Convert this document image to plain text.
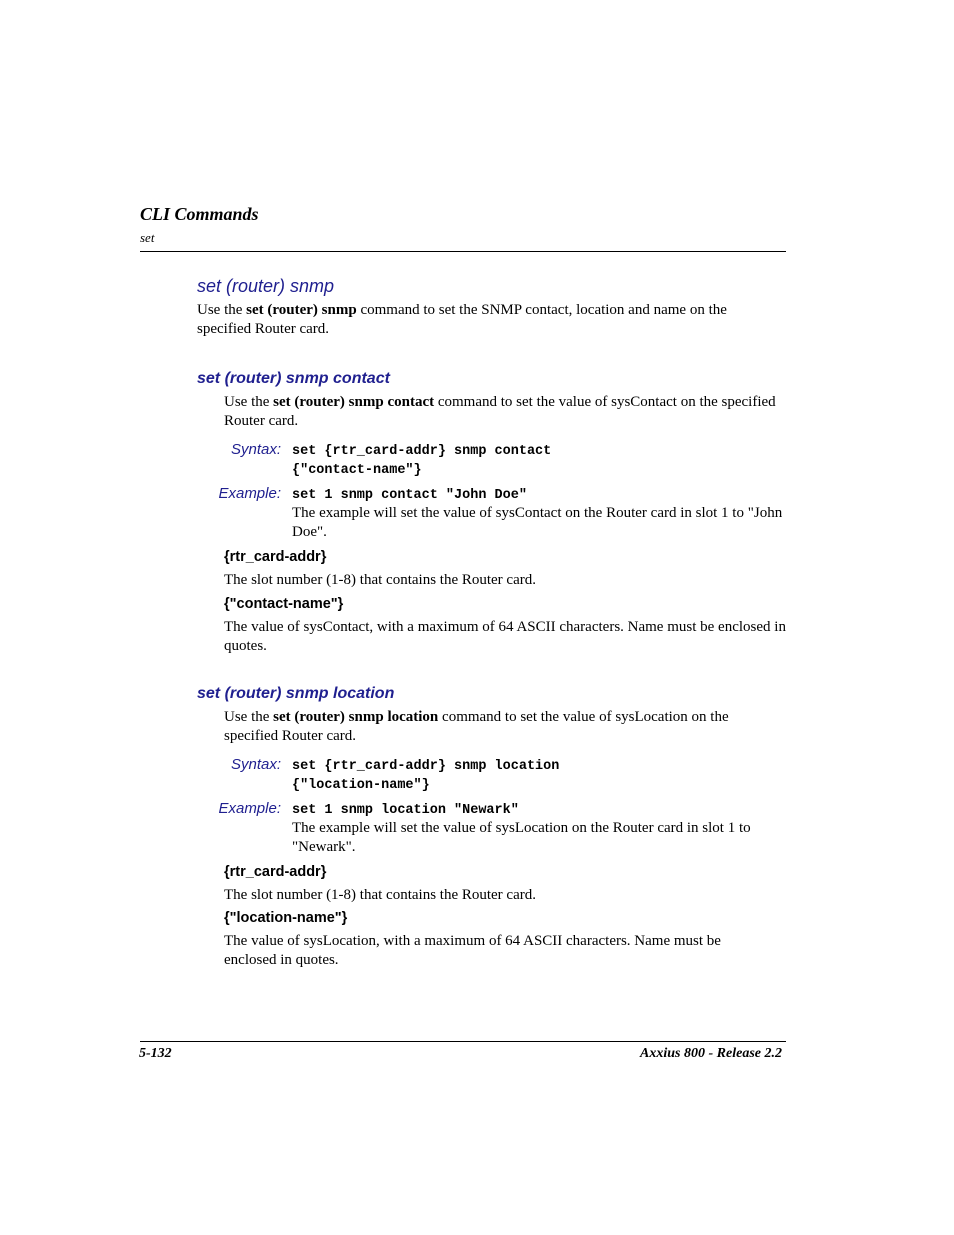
CLI Commands
set
set (router) snmp
Use the set (router) snmp command to set the SNMP contact, location and name on the specified Router card.
set (router) snmp contact
Use the set (router) snmp contact command to set the value of sysContact on the specified Router card.
Syntax: set {rtr_card-addr} snmp contact
{"contact-name"}
Example: set 1 snmp contact "John Doe"
The example will set the value of sysContact on the Router card in slot 1 to "John Doe".
{rtr_card-addr}
The slot number (1-8) that contains the Router card.
{"contact-name"}
The value of sysContact, with a maximum of 64 ASCII characters. Name must be enclosed in quotes.
set (router) snmp location
Use the set (router) snmp location command to set the value of sysLocation on the specified Router card.
Syntax: set {rtr_card-addr} snmp location
{"location-name"}
Example: set 1 snmp location "Newark"
The example will set the value of sysLocation on the Router card in slot 1 to "Newark".
{rtr_card-addr}
The slot number (1-8) that contains the Router card.
{"location-name"}
The value of sysLocation, with a maximum of 64 ASCII characters. Name must be enclosed in quotes.
5-132	Axxius 800 - Release 2.2
